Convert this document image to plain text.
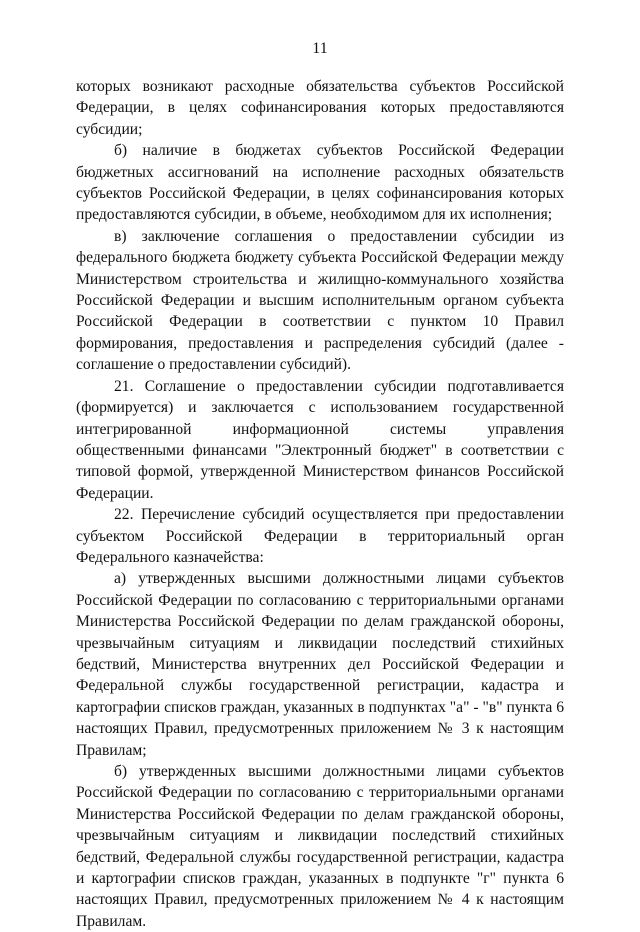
11

которых возникают расходные обязательства субъектов Российской Федерации, в целях софинансирования которых предоставляются субсидии;

б) наличие в бюджетах субъектов Российской Федерации бюджетных ассигнований на исполнение расходных обязательств субъектов Российской Федерации, в целях софинансирования которых предоставляются субсидии, в объеме, необходимом для их исполнения;

в) заключение соглашения о предоставлении субсидии из федерального бюджета бюджету субъекта Российской Федерации между Министерством строительства и жилищно-коммунального хозяйства Российской Федерации и высшим исполнительным органом субъекта Российской Федерации в соответствии с пунктом 10 Правил формирования, предоставления и распределения субсидий (далее - соглашение о предоставлении субсидий).

21. Соглашение о предоставлении субсидии подготавливается (формируется) и заключается с использованием государственной интегрированной информационной системы управления общественными финансами "Электронный бюджет" в соответствии с типовой формой, утвержденной Министерством финансов Российской Федерации.

22. Перечисление субсидий осуществляется при предоставлении субъектом Российской Федерации в территориальный орган Федерального казначейства:

а) утвержденных высшими должностными лицами субъектов Российской Федерации по согласованию с территориальными органами Министерства Российской Федерации по делам гражданской обороны, чрезвычайным ситуациям и ликвидации последствий стихийных бедствий, Министерства внутренних дел Российской Федерации и Федеральной службы государственной регистрации, кадастра и картографии списков граждан, указанных в подпунктах "а" - "в" пункта 6 настоящих Правил, предусмотренных приложением № 3 к настоящим Правилам;

б) утвержденных высшими должностными лицами субъектов Российской Федерации по согласованию с территориальными органами Министерства Российской Федерации по делам гражданской обороны, чрезвычайным ситуациям и ликвидации последствий стихийных бедствий, Федеральной службы государственной регистрации, кадастра и картографии списков граждан, указанных в подпункте "г" пункта 6 настоящих Правил, предусмотренных приложением № 4 к настоящим Правилам.
